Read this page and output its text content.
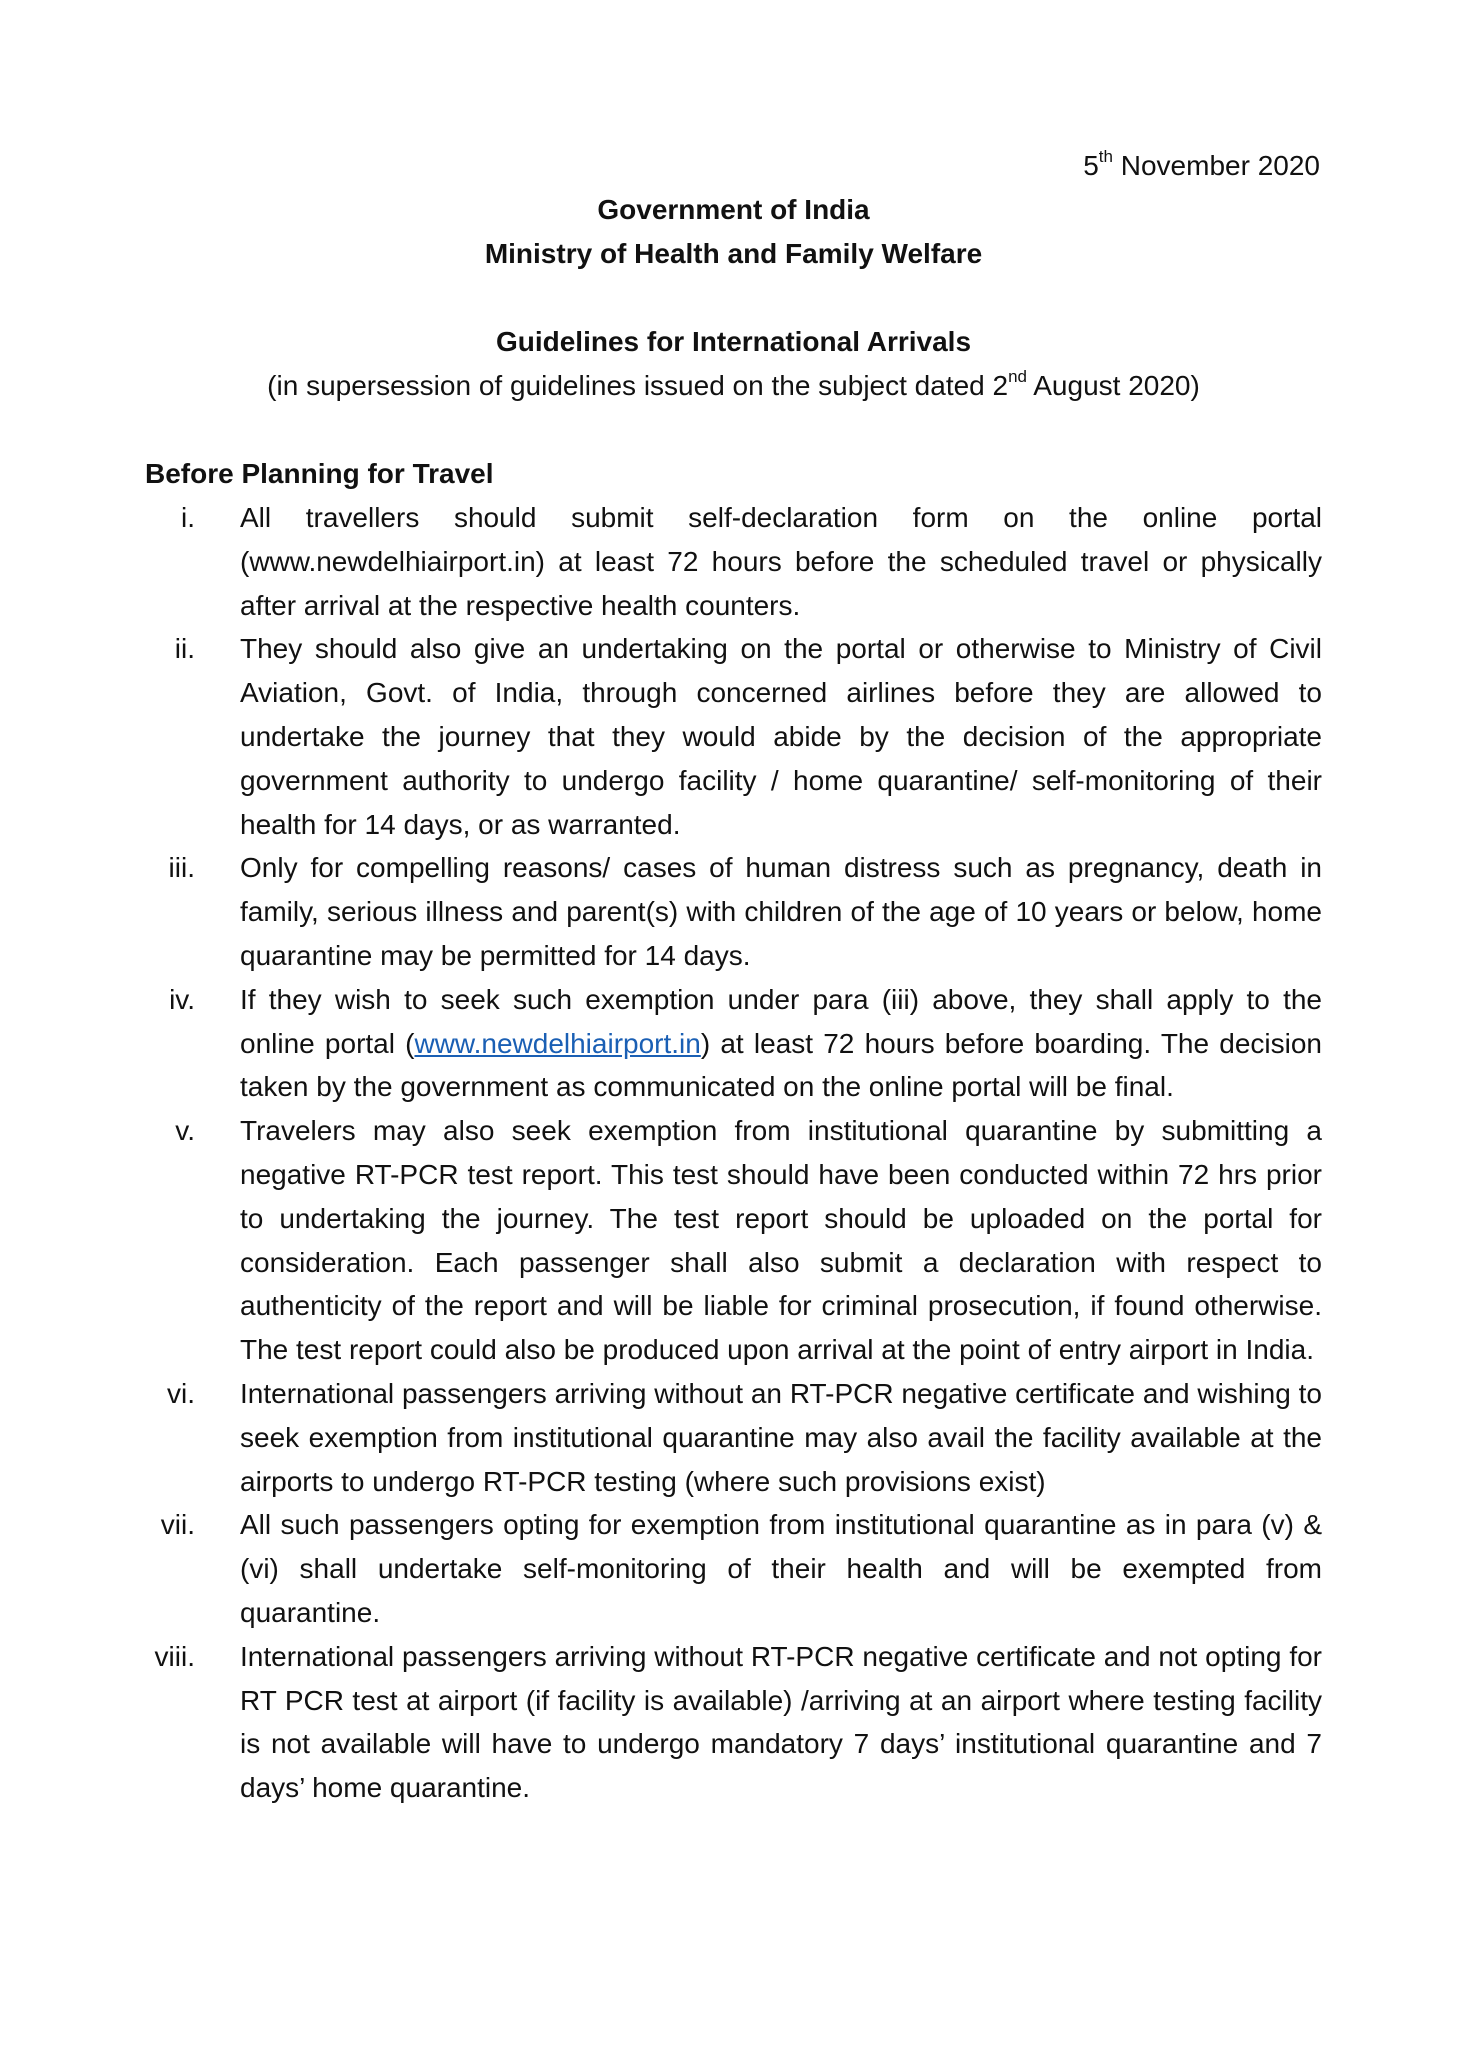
5th November 2020
Government of India
Ministry of Health and Family Welfare
Guidelines for International Arrivals
(in supersession of guidelines issued on the subject dated 2nd August 2020)
Before Planning for Travel
i. All travellers should submit self-declaration form on the online portal (www.newdelhiairport.in) at least 72 hours before the scheduled travel or physically after arrival at the respective health counters.
ii. They should also give an undertaking on the portal or otherwise to Ministry of Civil Aviation, Govt. of India, through concerned airlines before they are allowed to undertake the journey that they would abide by the decision of the appropriate government authority to undergo facility / home quarantine/ self-monitoring of their health for 14 days, or as warranted.
iii. Only for compelling reasons/ cases of human distress such as pregnancy, death in family, serious illness and parent(s) with children of the age of 10 years or below, home quarantine may be permitted for 14 days.
iv. If they wish to seek such exemption under para (iii) above, they shall apply to the online portal (www.newdelhiairport.in) at least 72 hours before boarding. The decision taken by the government as communicated on the online portal will be final.
v. Travelers may also seek exemption from institutional quarantine by submitting a negative RT-PCR test report. This test should have been conducted within 72 hrs prior to undertaking the journey. The test report should be uploaded on the portal for consideration. Each passenger shall also submit a declaration with respect to authenticity of the report and will be liable for criminal prosecution, if found otherwise. The test report could also be produced upon arrival at the point of entry airport in India.
vi. International passengers arriving without an RT-PCR negative certificate and wishing to seek exemption from institutional quarantine may also avail the facility available at the airports to undergo RT-PCR testing (where such provisions exist)
vii. All such passengers opting for exemption from institutional quarantine as in para (v) & (vi) shall undertake self-monitoring of their health and will be exempted from quarantine.
viii. International passengers arriving without RT-PCR negative certificate and not opting for RT PCR test at airport (if facility is available) /arriving at an airport where testing facility is not available will have to undergo mandatory 7 days’ institutional quarantine and 7 days’ home quarantine.
